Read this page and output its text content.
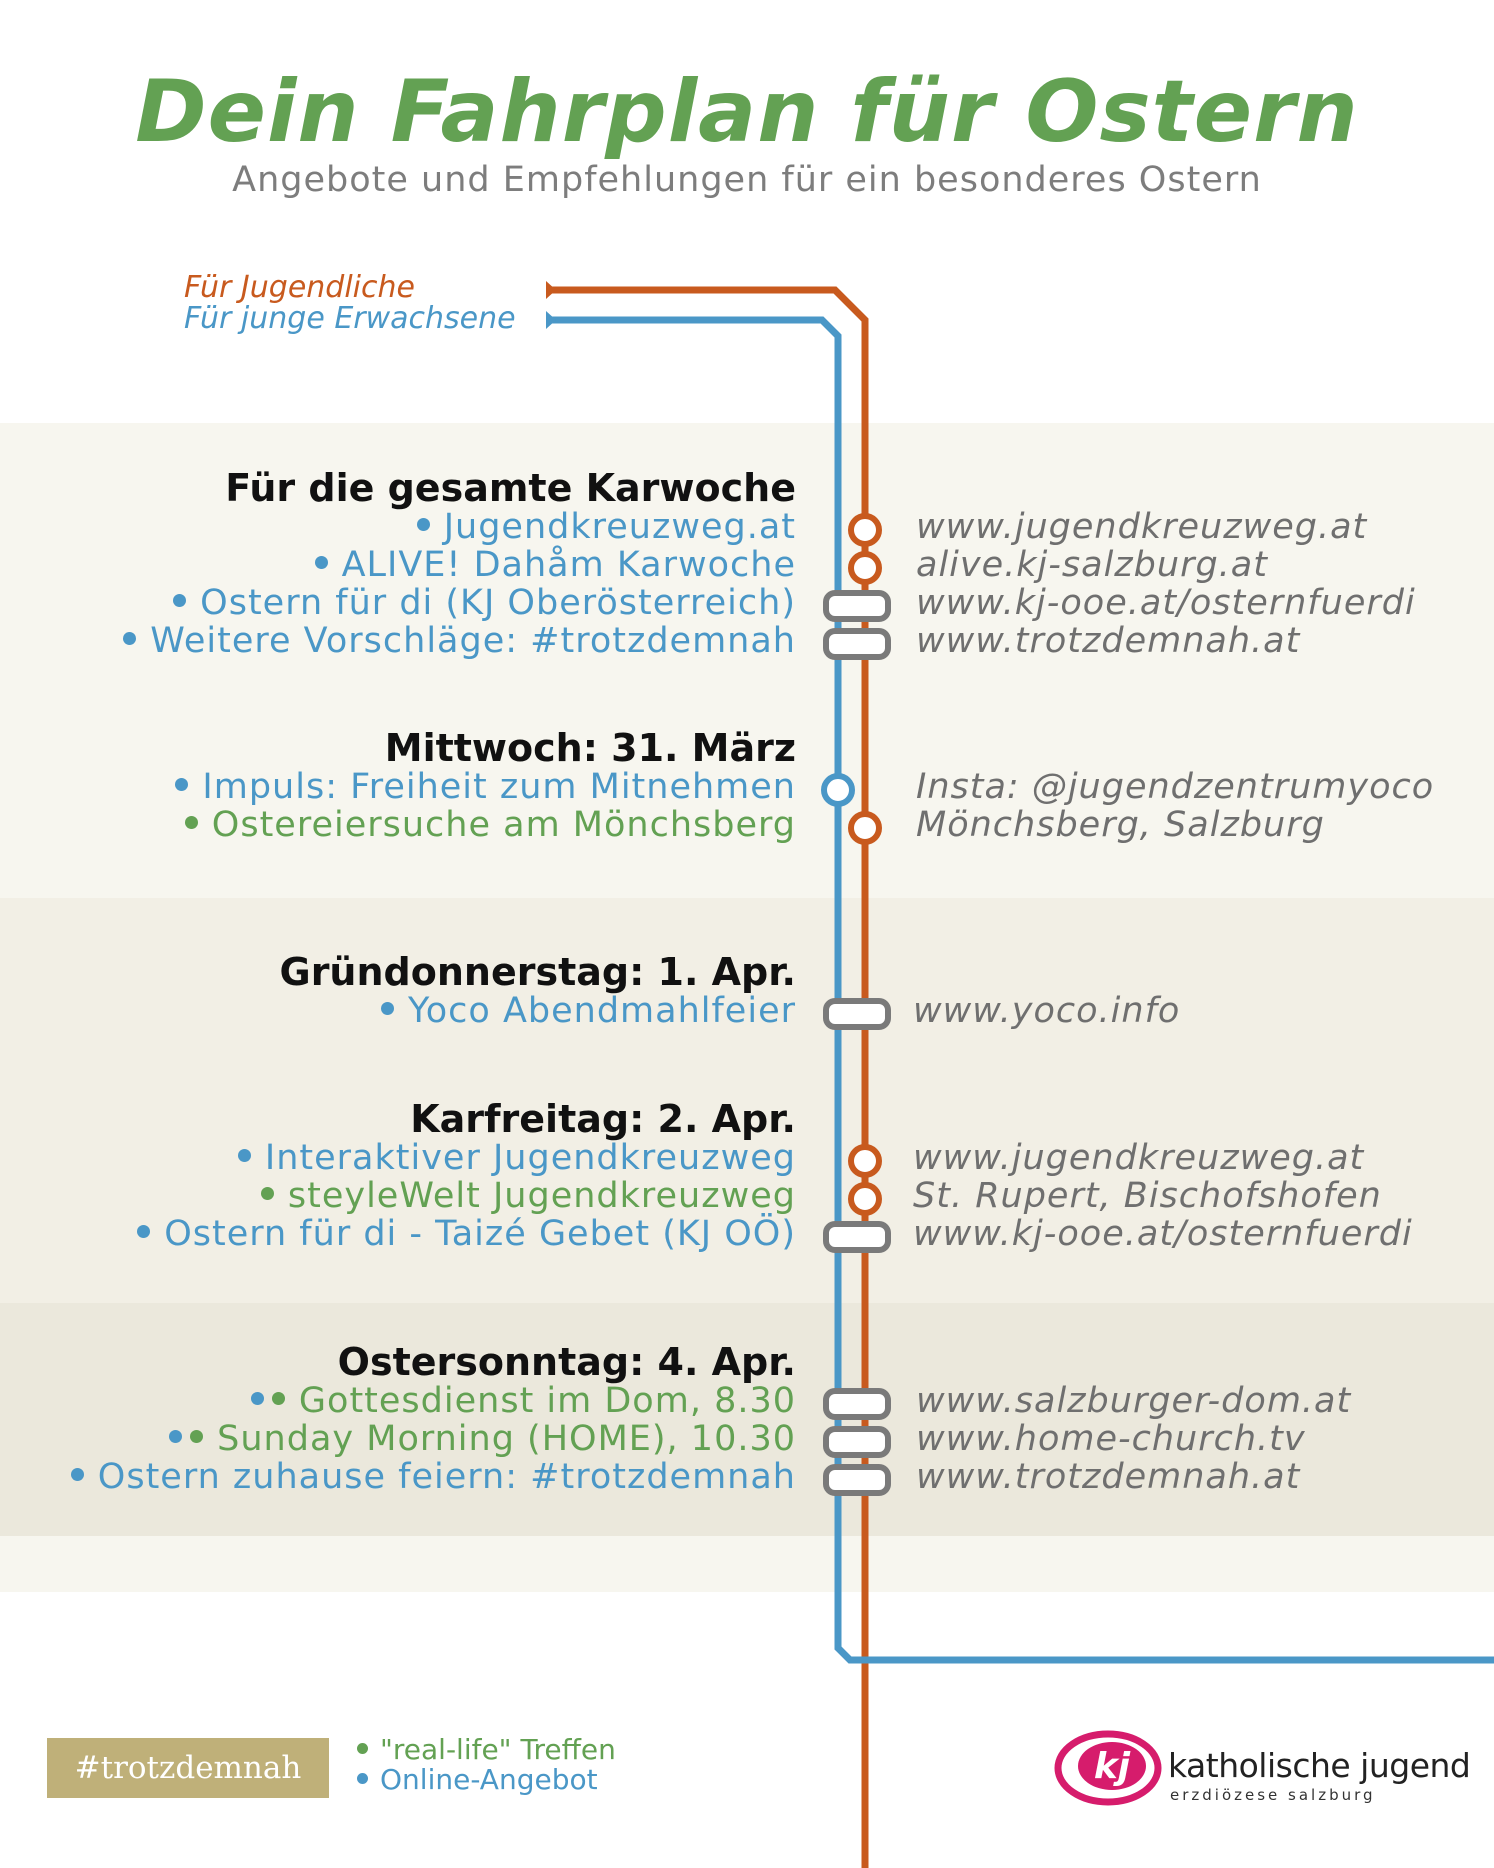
Dein Fahrplan für Ostern
Angebote und Empfehlungen für ein besonderes Ostern
Für Jugendliche
Für junge Erwachsene
Für die gesamte Karwoche
Jugendkreuzweg.at
ALIVE! Dahåm Karwoche
Ostern für di (KJ Oberösterreich)
Weitere Vorschläge: #trotzdemnah
www.jugendkreuzweg.at
alive.kj-salzburg.at
www.kj-ooe.at/osternfuerdi
www.trotzdemnah.at
Mittwoch: 31. März
Impuls: Freiheit zum Mitnehmen
Ostereiersuche am Mönchsberg
Insta: @jugendzentrumyoco
Mönchsberg, Salzburg
Gründonnerstag: 1. Apr.
Yoco Abendmahlfeier	www.yoco.info
Karfreitag: 2. Apr.
Interaktiver Jugendkreuzweg
steyleWelt Jugendkreuzweg
Ostern für di - Taizé Gebet (KJ OÖ)
www.jugendkreuzweg.at
St. Rupert, Bischofshofen
www.kj-ooe.at/osternfuerdi
Ostersonntag: 4. Apr.
Gottesdienst im Dom, 8.30
Sunday Morning (HOME), 10.30
Ostern zuhause feiern: #trotzdemnah
www.salzburger-dom.at
www.home-church.tv
www.trotzdemnah.at
#trotzdemnah
"real-life" Treffen
Online-Angebot	kj katholische jugend
erzdiözese salzburg
